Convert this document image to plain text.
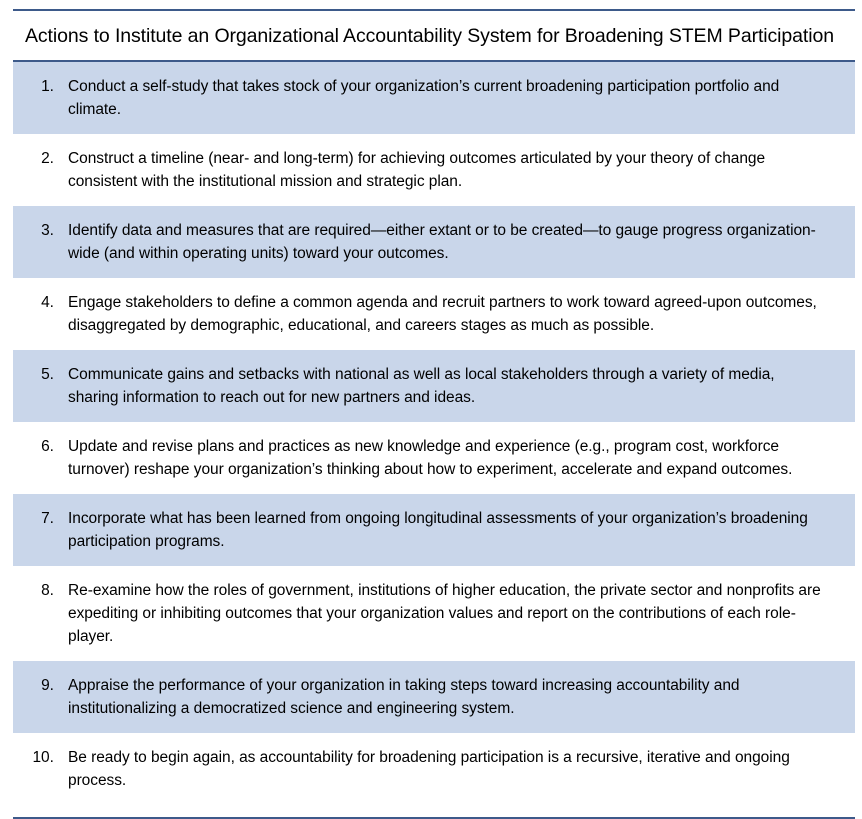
Actions to Institute an Organizational Accountability System for Broadening STEM Participation
1. Conduct a self-study that takes stock of your organization’s current broadening participation portfolio and climate.
2. Construct a timeline (near- and long-term) for achieving outcomes articulated by your theory of change consistent with the institutional mission and strategic plan.
3. Identify data and measures that are required—either extant or to be created—to gauge progress organization-wide (and within operating units) toward your outcomes.
4. Engage stakeholders to define a common agenda and recruit partners to work toward agreed-upon outcomes, disaggregated by demographic, educational, and careers stages as much as possible.
5. Communicate gains and setbacks with national as well as local stakeholders through a variety of media, sharing information to reach out for new partners and ideas.
6. Update and revise plans and practices as new knowledge and experience (e.g., program cost, workforce turnover) reshape your organization’s thinking about how to experiment, accelerate and expand outcomes.
7. Incorporate what has been learned from ongoing longitudinal assessments of your organization’s broadening participation programs.
8. Re-examine how the roles of government, institutions of higher education, the private sector and nonprofits are expediting or inhibiting outcomes that your organization values and report on the contributions of each role-player.
9. Appraise the performance of your organization in taking steps toward increasing accountability and institutionalizing a democratized science and engineering system.
10. Be ready to begin again, as accountability for broadening participation is a recursive, iterative and ongoing process.
